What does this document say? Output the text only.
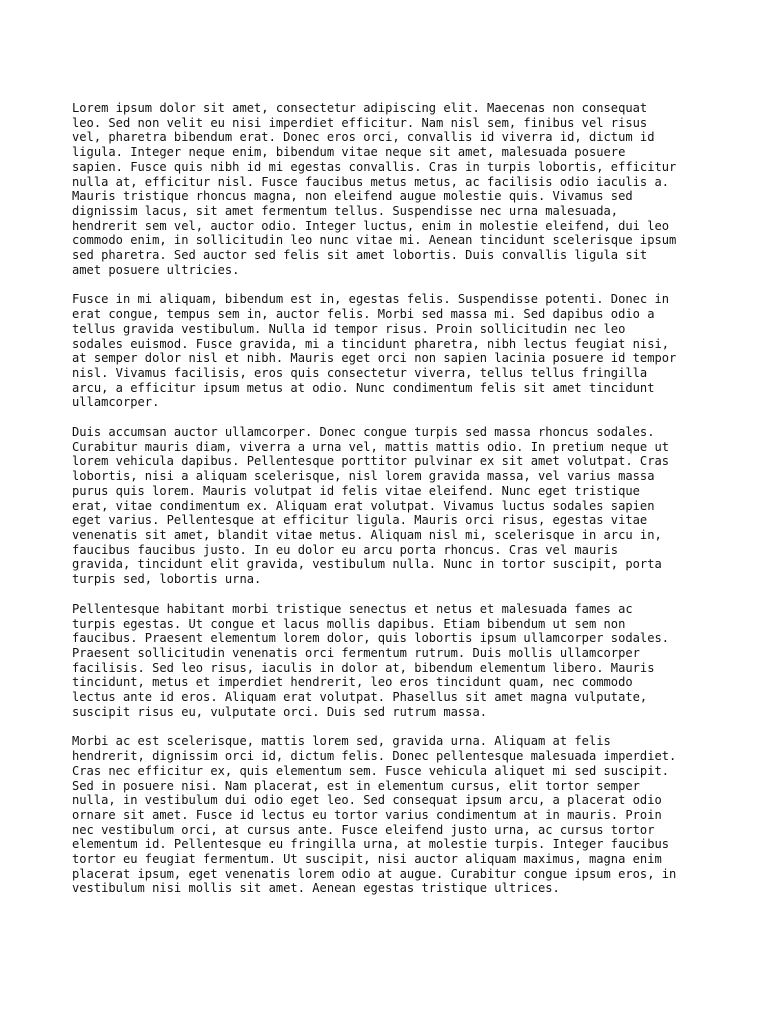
Lorem ipsum dolor sit amet, consectetur adipiscing elit. Maecenas non consequat
leo. Sed non velit eu nisi imperdiet efficitur. Nam nisl sem, finibus vel risus
vel, pharetra bibendum erat. Donec eros orci, convallis id viverra id, dictum id
ligula. Integer neque enim, bibendum vitae neque sit amet, malesuada posuere
sapien. Fusce quis nibh id mi egestas convallis. Cras in turpis lobortis, efficitur
nulla at, efficitur nisl. Fusce faucibus metus metus, ac facilisis odio iaculis a.
Mauris tristique rhoncus magna, non eleifend augue molestie quis. Vivamus sed
dignissim lacus, sit amet fermentum tellus. Suspendisse nec urna malesuada,
hendrerit sem vel, auctor odio. Integer luctus, enim in molestie eleifend, dui leo
commodo enim, in sollicitudin leo nunc vitae mi. Aenean tincidunt scelerisque ipsum
sed pharetra. Sed auctor sed felis sit amet lobortis. Duis convallis ligula sit
amet posuere ultricies.

Fusce in mi aliquam, bibendum est in, egestas felis. Suspendisse potenti. Donec in
erat congue, tempus sem in, auctor felis. Morbi sed massa mi. Sed dapibus odio a
tellus gravida vestibulum. Nulla id tempor risus. Proin sollicitudin nec leo
sodales euismod. Fusce gravida, mi a tincidunt pharetra, nibh lectus feugiat nisi,
at semper dolor nisl et nibh. Mauris eget orci non sapien lacinia posuere id tempor
nisl. Vivamus facilisis, eros quis consectetur viverra, tellus tellus fringilla
arcu, a efficitur ipsum metus at odio. Nunc condimentum felis sit amet tincidunt
ullamcorper.

Duis accumsan auctor ullamcorper. Donec congue turpis sed massa rhoncus sodales.
Curabitur mauris diam, viverra a urna vel, mattis mattis odio. In pretium neque ut
lorem vehicula dapibus. Pellentesque porttitor pulvinar ex sit amet volutpat. Cras
lobortis, nisi a aliquam scelerisque, nisl lorem gravida massa, vel varius massa
purus quis lorem. Mauris volutpat id felis vitae eleifend. Nunc eget tristique
erat, vitae condimentum ex. Aliquam erat volutpat. Vivamus luctus sodales sapien
eget varius. Pellentesque at efficitur ligula. Mauris orci risus, egestas vitae
venenatis sit amet, blandit vitae metus. Aliquam nisl mi, scelerisque in arcu in,
faucibus faucibus justo. In eu dolor eu arcu porta rhoncus. Cras vel mauris
gravida, tincidunt elit gravida, vestibulum nulla. Nunc in tortor suscipit, porta
turpis sed, lobortis urna.

Pellentesque habitant morbi tristique senectus et netus et malesuada fames ac
turpis egestas. Ut congue et lacus mollis dapibus. Etiam bibendum ut sem non
faucibus. Praesent elementum lorem dolor, quis lobortis ipsum ullamcorper sodales.
Praesent sollicitudin venenatis orci fermentum rutrum. Duis mollis ullamcorper
facilisis. Sed leo risus, iaculis in dolor at, bibendum elementum libero. Mauris
tincidunt, metus et imperdiet hendrerit, leo eros tincidunt quam, nec commodo
lectus ante id eros. Aliquam erat volutpat. Phasellus sit amet magna vulputate,
suscipit risus eu, vulputate orci. Duis sed rutrum massa.

Morbi ac est scelerisque, mattis lorem sed, gravida urna. Aliquam at felis
hendrerit, dignissim orci id, dictum felis. Donec pellentesque malesuada imperdiet.
Cras nec efficitur ex, quis elementum sem. Fusce vehicula aliquet mi sed suscipit.
Sed in posuere nisi. Nam placerat, est in elementum cursus, elit tortor semper
nulla, in vestibulum dui odio eget leo. Sed consequat ipsum arcu, a placerat odio
ornare sit amet. Fusce id lectus eu tortor varius condimentum at in mauris. Proin
nec vestibulum orci, at cursus ante. Fusce eleifend justo urna, ac cursus tortor
elementum id. Pellentesque eu fringilla urna, at molestie turpis. Integer faucibus
tortor eu feugiat fermentum. Ut suscipit, nisi auctor aliquam maximus, magna enim
placerat ipsum, eget venenatis lorem odio at augue. Curabitur congue ipsum eros, in
vestibulum nisi mollis sit amet. Aenean egestas tristique ultrices.
